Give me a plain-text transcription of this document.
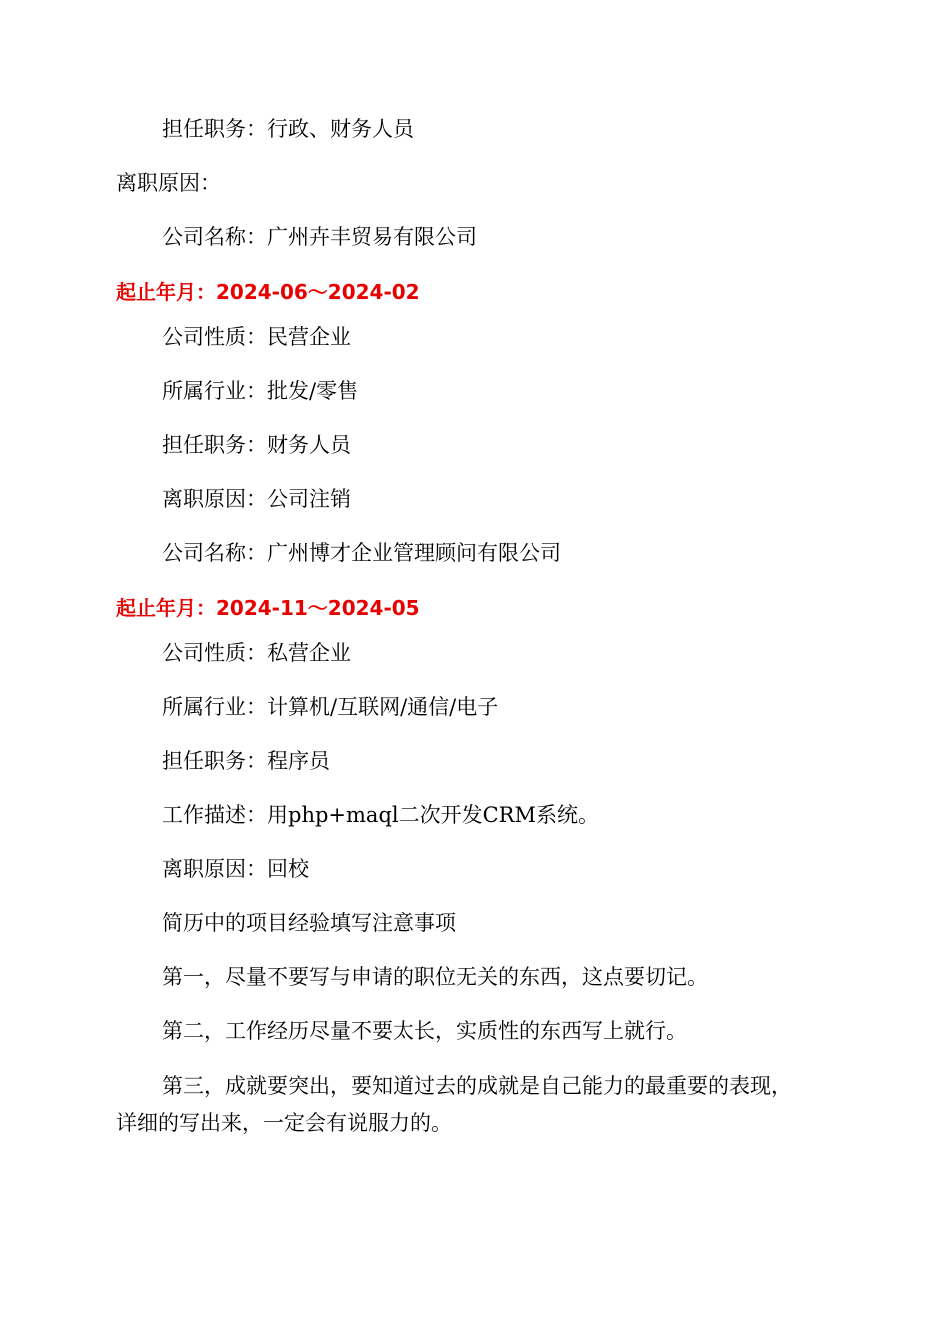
担任职务：行政、财务人员
离职原因：
公司名称：广州卉丰贸易有限公司
起止年月：2024-06～2024-02
公司性质：民营企业
所属行业：批发/零售
担任职务：财务人员
离职原因：公司注销
公司名称：广州博才企业管理顾问有限公司
起止年月：2024-11～2024-05
公司性质：私营企业
所属行业：计算机/互联网/通信/电子
担任职务：程序员
工作描述：用php+maql二次开发CRM系统。
离职原因：回校
简历中的项目经验填写注意事项
第一，尽量不要写与申请的职位无关的东西，这点要切记。
第二，工作经历尽量不要太长，实质性的东西写上就行。
第三，成就要突出，要知道过去的成就是自己能力的最重要的表现，
详细的写出来，一定会有说服力的。
